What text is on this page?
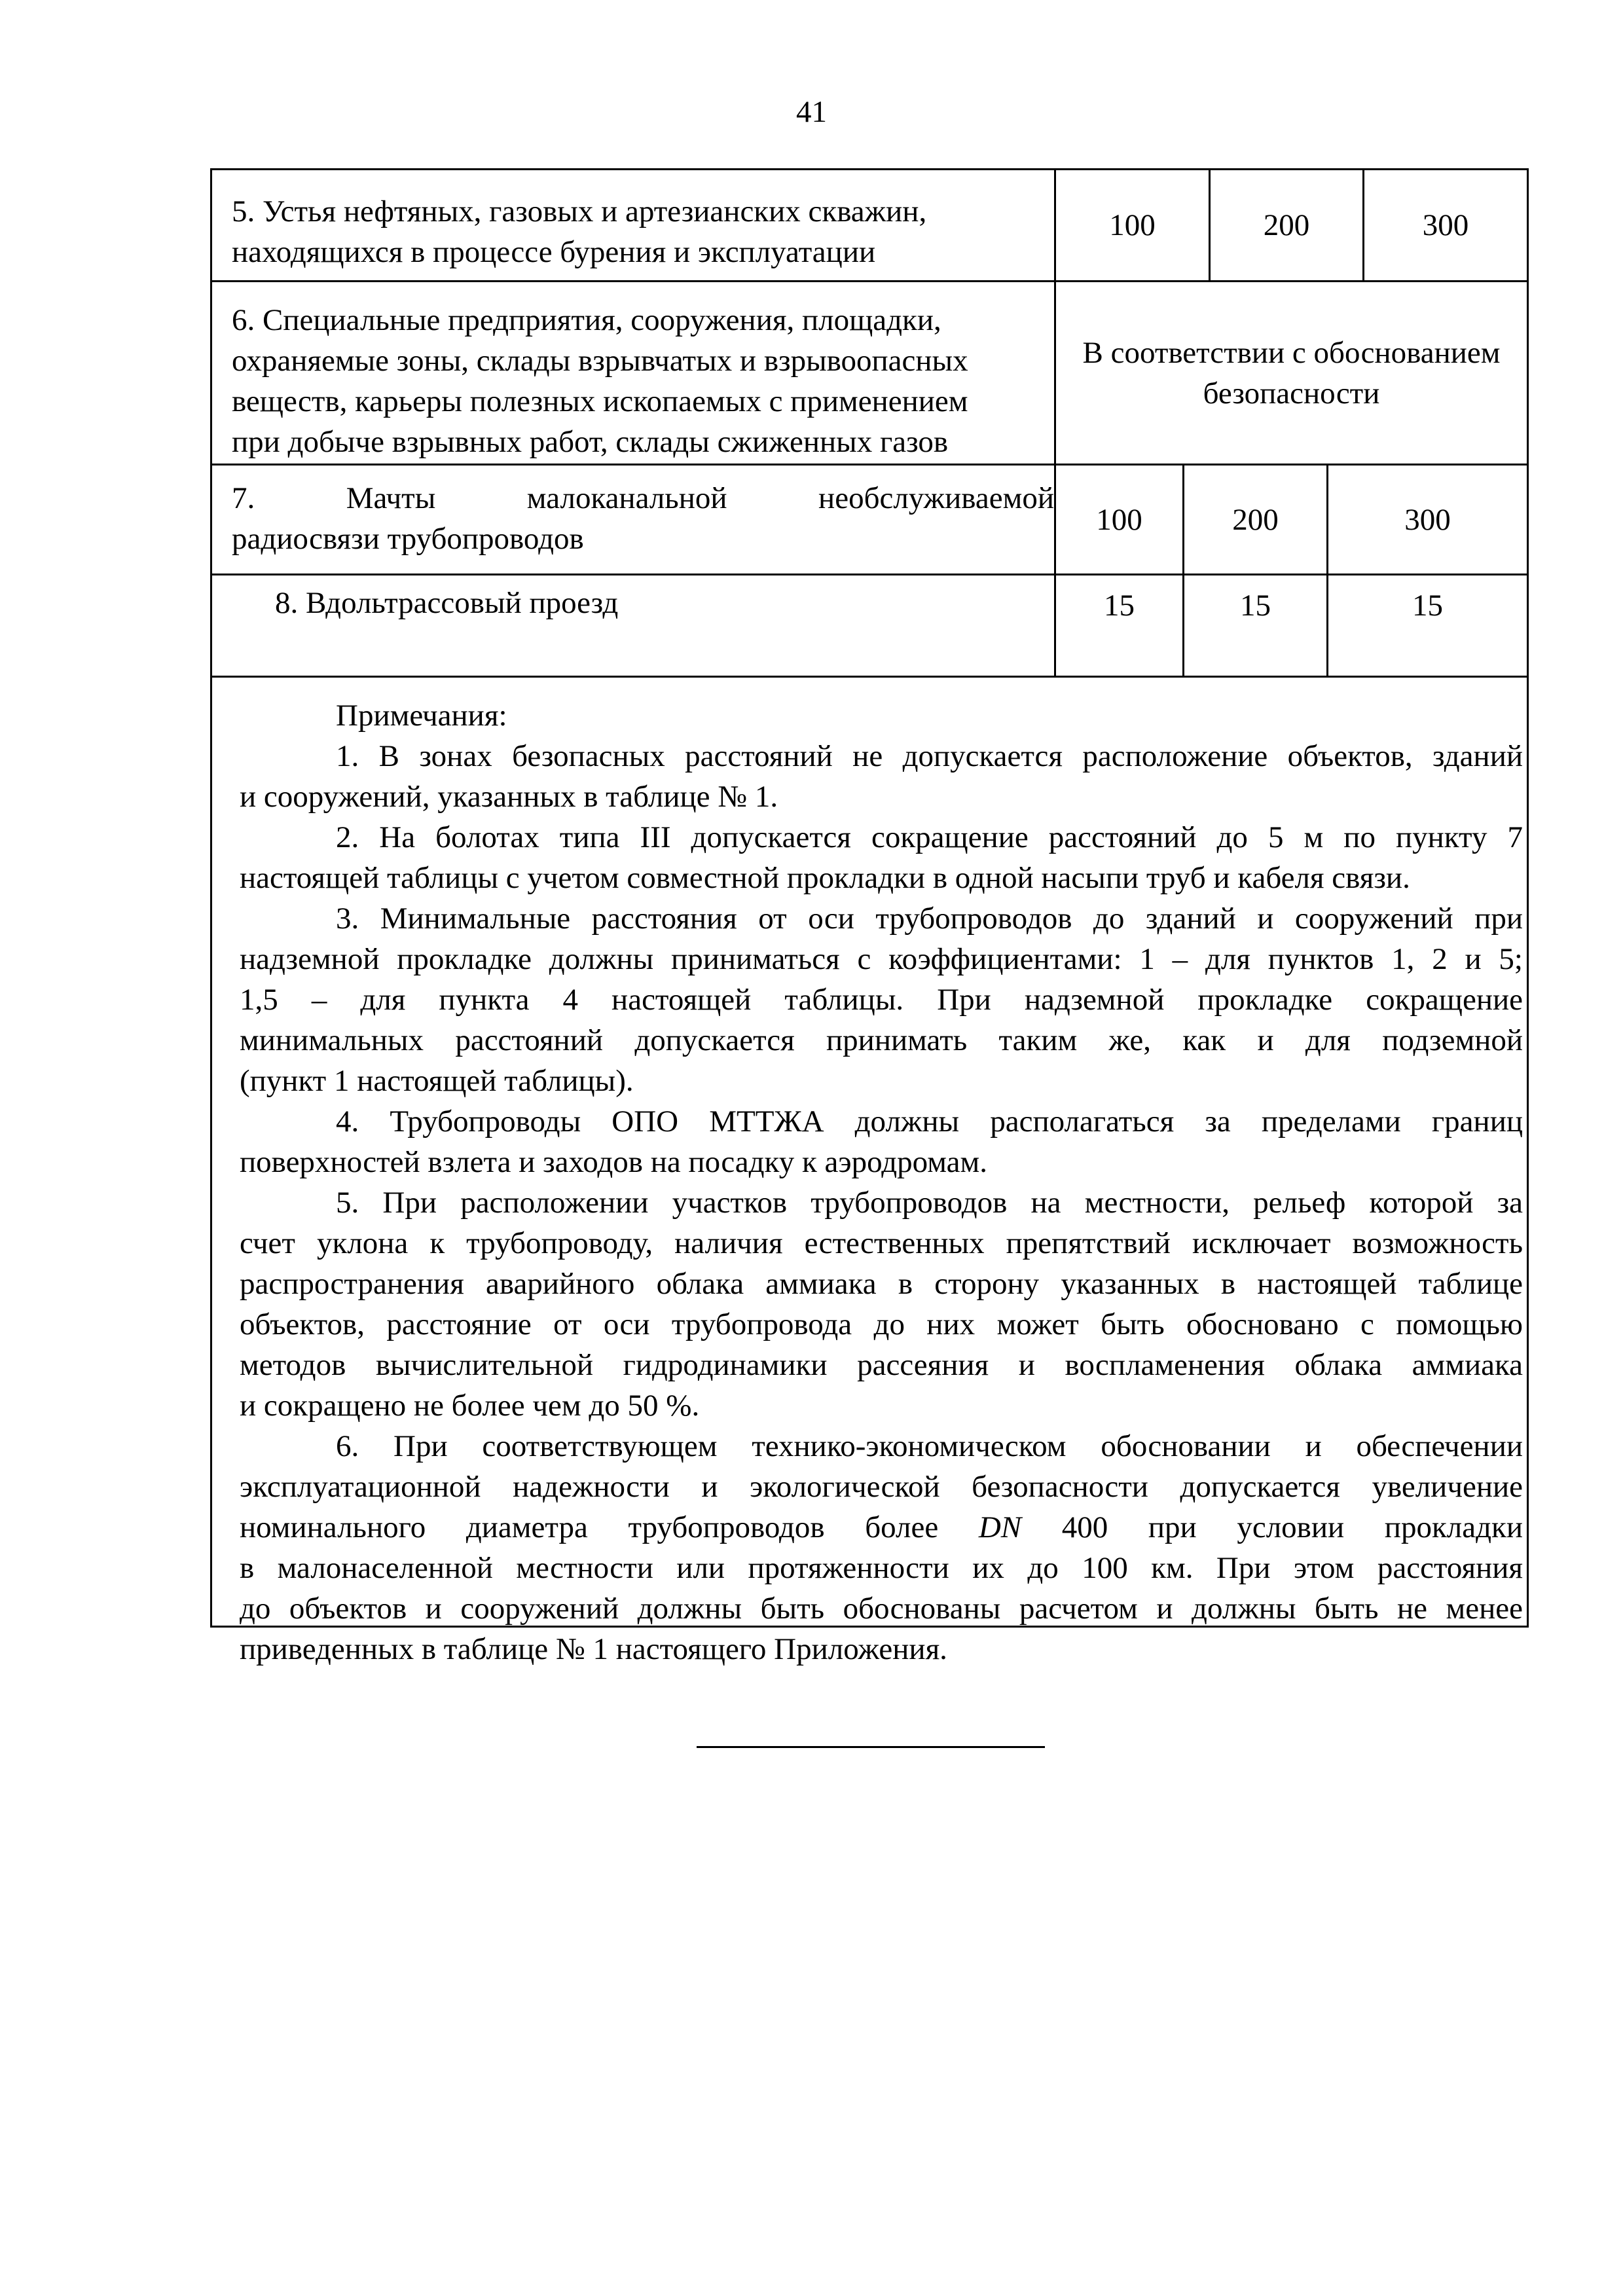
41
5. Устья нефтяных, газовых и артезианских скважин,
находящихся в процессе бурения и эксплуатации
100	200	300
6. Специальные предприятия, сооружения, площадки,
охраняемые зоны, склады взрывчатых и взрывоопасных
веществ, карьеры полезных ископаемых с применением
при добыче взрывных работ, склады сжиженных газов
В соответствии с обоснованием
безопасности
7. Мачты малоканальной необслуживаемой
радиосвязи трубопроводов
100	200	300
8. Вдольтрассовый проезд	15	15	15
Примечания:
1. В зонах безопасных расстояний не допускается расположение объектов, зданий
и сооружений, указанных в таблице № 1.
2. На болотах типа III допускается сокращение расстояний до 5 м по пункту 7
настоящей таблицы с учетом совместной прокладки в одной насыпи труб и кабеля связи.
3. Минимальные расстояния от оси трубопроводов до зданий и сооружений при
надземной прокладке должны приниматься с коэффициентами: 1 – для пунктов 1, 2 и 5;
1,5 – для пункта 4 настоящей таблицы. При надземной прокладке сокращение
минимальных расстояний допускается принимать таким же, как и для подземной
(пункт 1 настоящей таблицы).
4. Трубопроводы ОПО МТТЖА должны располагаться за пределами границ
поверхностей взлета и заходов на посадку к аэродромам.
5. При расположении участков трубопроводов на местности, рельеф которой за
счет уклона к трубопроводу, наличия естественных препятствий исключает возможность
распространения аварийного облака аммиака в сторону указанных в настоящей таблице
объектов, расстояние от оси трубопровода до них может быть обосновано с помощью
методов вычислительной гидродинамики рассеяния и воспламенения облака аммиака
и сокращено не более чем до 50 %.
6. При соответствующем технико-экономическом обосновании и обеспечении
эксплуатационной надежности и экологической безопасности допускается увеличение
номинального диаметра трубопроводов более DN 400 при условии прокладки
в малонаселенной местности или протяженности их до 100 км. При этом расстояния
до объектов и сооружений должны быть обоснованы расчетом и должны быть не менее
приведенных в таблице № 1 настоящего Приложения.
